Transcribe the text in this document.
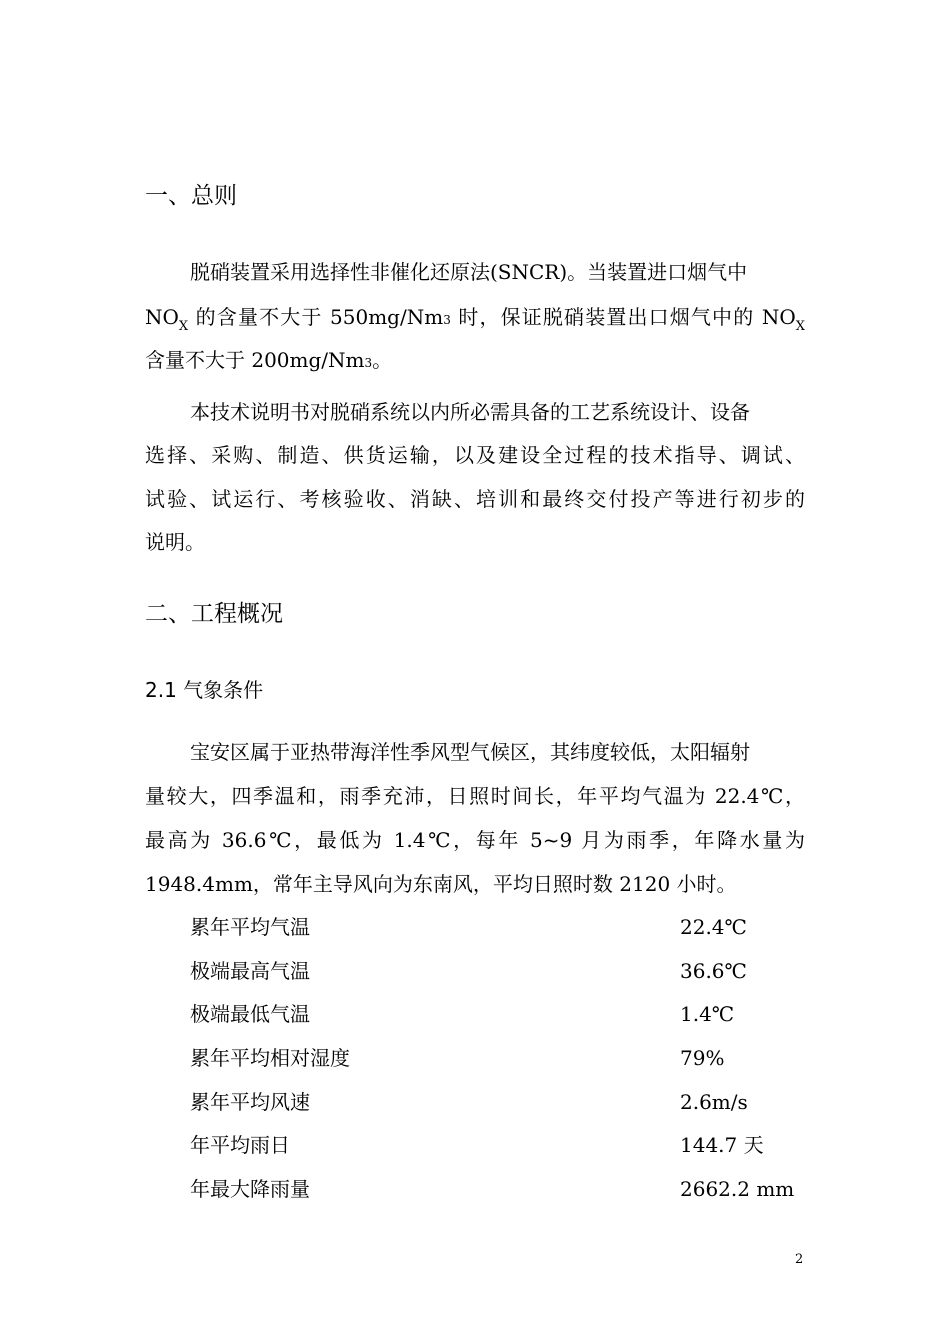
一、总则
脱硝装置采用选择性非催化还原法(SNCR)。当装置进口烟气中
$NO_X$ 的含量不大于 550mg/Nm3 时，保证脱硝装置出口烟气中的 $NO_X$
含量不大于 200mg/Nm3。
本技术说明书对脱硝系统以内所必需具备的工艺系统设计、设备
选择、采购、制造、供货运输，以及建设全过程的技术指导、调试、
试验、试运行、考核验收、消缺、培训和最终交付投产等进行初步的
说明。
二、工程概况
2.1 气象条件
宝安区属于亚热带海洋性季风型气候区，其纬度较低，太阳辐射
量较大，四季温和，雨季充沛，日照时间长，年平均气温为 22.4℃，
最高为 36.6℃，最低为 1.4℃，每年 5~9 月为雨季，年降水量为
1948.4mm，常年主导风向为东南风，平均日照时数 2120 小时。
累年平均气温	22.4℃
极端最高气温	36.6℃
极端最低气温	1.4℃
累年平均相对湿度	79%
累年平均风速	2.6m/s
年平均雨日	144.7 天
年最大降雨量	2662.2 mm
2
